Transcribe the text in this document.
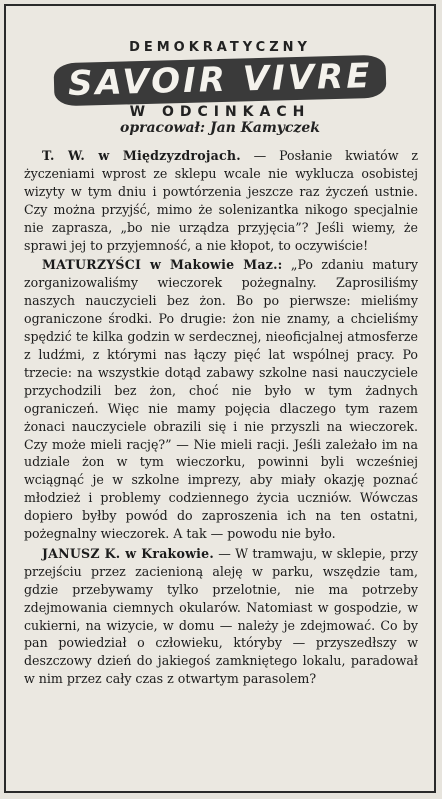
DEMOKRATYCZNY
SAVOIR VIVRE
W ODCINKACH
opracował: Jan Kamyczek

T. W. w Międzyzdrojach. — Posłanie kwiatów z życzeniami wprost ze sklepu wcale nie wyklucza osobistej wizyty w tym dniu i powtórzenia jeszcze raz życzeń ustnie. Czy można przyjść, mimo że solenizantka nikogo specjalnie nie zaprasza, „bo nie urządza przyjęcia”? Jeśli wiemy, że sprawi jej to przyjemność, a nie kłopot, to oczywiście!

MATURZYŚCI w Makowie Maz.: „Po zdaniu matury zorganizowaliśmy wieczorek pożegnalny. Zaprosiliśmy naszych nauczycieli bez żon. Bo po pierwsze: mieliśmy ograniczone środki. Po drugie: żon nie znamy, a chcieliśmy spędzić te kilka godzin w serdecznej, nieoficjalnej atmosferze z ludźmi, z którymi nas łączy pięć lat wspólnej pracy. Po trzecie: na wszystkie dotąd zabawy szkolne nasi nauczyciele przychodzili bez żon, choć nie było w tym żadnych ograniczeń. Więc nie mamy pojęcia dlaczego tym razem żonaci nauczyciele obrazili się i nie przyszli na wieczorek. Czy może mieli rację?” — Nie mieli racji. Jeśli zależało im na udziale żon w tym wieczorku, powinni byli wcześniej wciągnąć je w szkolne imprezy, aby miały okazję poznać młodzież i problemy codziennego życia uczniów. Wówczas dopiero byłby powód do zaproszenia ich na ten ostatni, pożegnalny wieczorek. A tak — powodu nie było.

JANUSZ K. w Krakowie. — W tramwaju, w sklepie, przy przejściu przez zacienioną aleję w parku, wszędzie tam, gdzie przebywamy tylko przelotnie, nie ma potrzeby zdejmowania ciemnych okularów. Natomiast w gospodzie, w cukierni, na wizycie, w domu — należy je zdejmować. Co by pan powiedział o człowieku, któryby — przyszedłszy w deszczowy dzień do jakiegoś zamkniętego lokalu, paradował w nim przez cały czas z otwartym parasolem?
